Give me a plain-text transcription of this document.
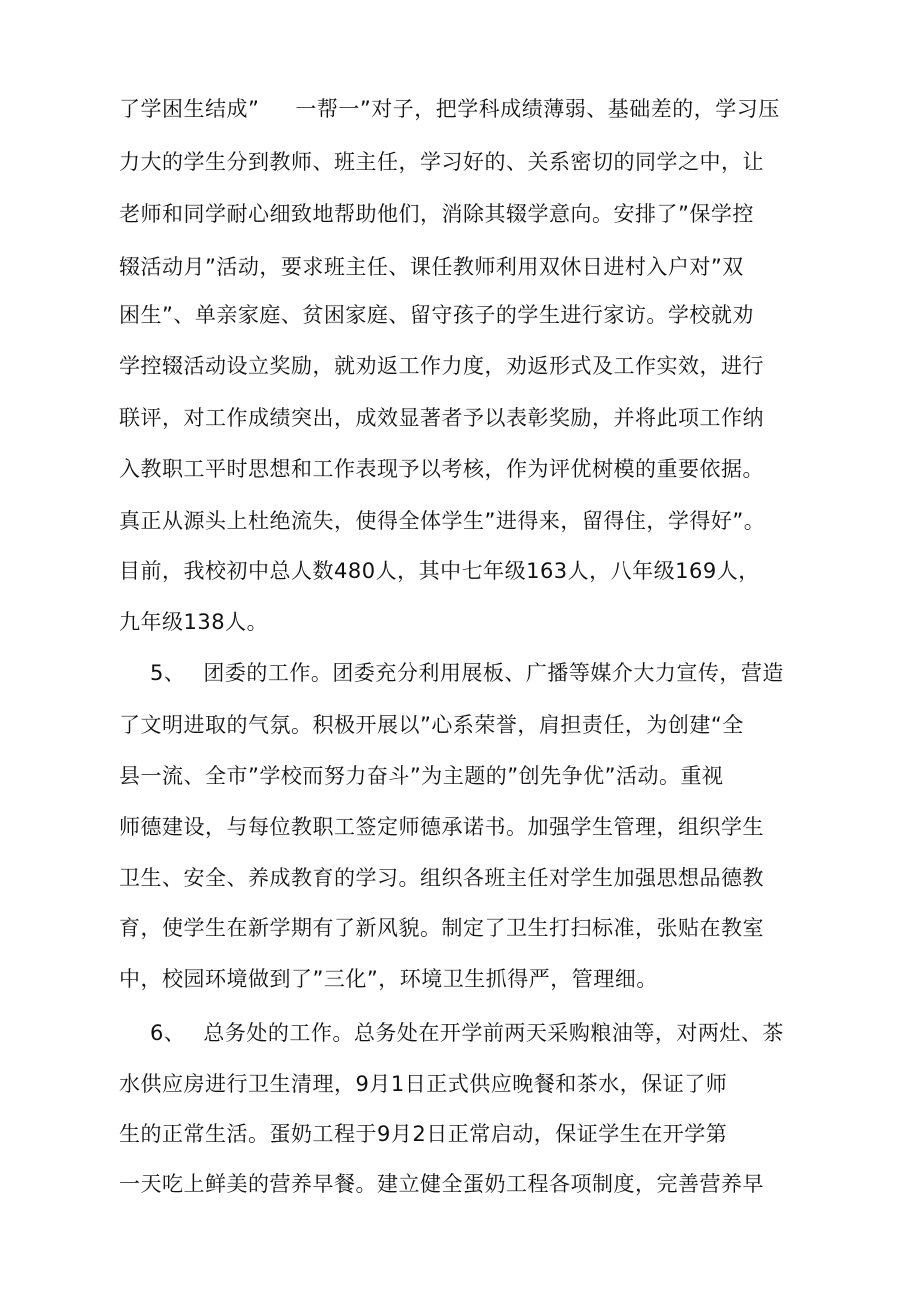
了学困生结成” 一帮一”对子，把学科成绩薄弱、基础差的，学习压
力大的学生分到教师、班主任，学习好的、关系密切的同学之中，让
老师和同学耐心细致地帮助他们，消除其辍学意向。安排了”保学控
辍活动月”活动，要求班主任、课任教师利用双休日进村入户对”双
困生”、单亲家庭、贫困家庭、留守孩子的学生进行家访。学校就劝
学控辍活动设立奖励，就劝返工作力度，劝返形式及工作实效，进行
联评，对工作成绩突出，成效显著者予以表彰奖励，并将此项工作纳
入教职工平时思想和工作表现予以考核，作为评优树模的重要依据。
真正从源头上杜绝流失，使得全体学生”进得来，留得住，学得好”。
目前，我校初中总人数480人，其中七年级163人，八年级169人，
九年级138人。
5、 团委的工作。团委充分利用展板、广播等媒介大力宣传，营造
了文明进取的气氛。积极开展以”心系荣誉，肩担责任，为创建“全
县一流、全市”学校而努力奋斗”为主题的”创先争优”活动。重视
师德建设，与每位教职工签定师德承诺书。加强学生管理，组织学生
卫生、安全、养成教育的学习。组织各班主任对学生加强思想品德教
育，使学生在新学期有了新风貌。制定了卫生打扫标准，张贴在教室
中，校园环境做到了”三化”，环境卫生抓得严，管理细。
6、 总务处的工作。总务处在开学前两天采购粮油等，对两灶、茶
水供应房进行卫生清理，9月1日正式供应晚餐和茶水，保证了师
生的正常生活。蛋奶工程于9月2日正常启动，保证学生在开学第
一天吃上鲜美的营养早餐。建立健全蛋奶工程各项制度，完善营养早
